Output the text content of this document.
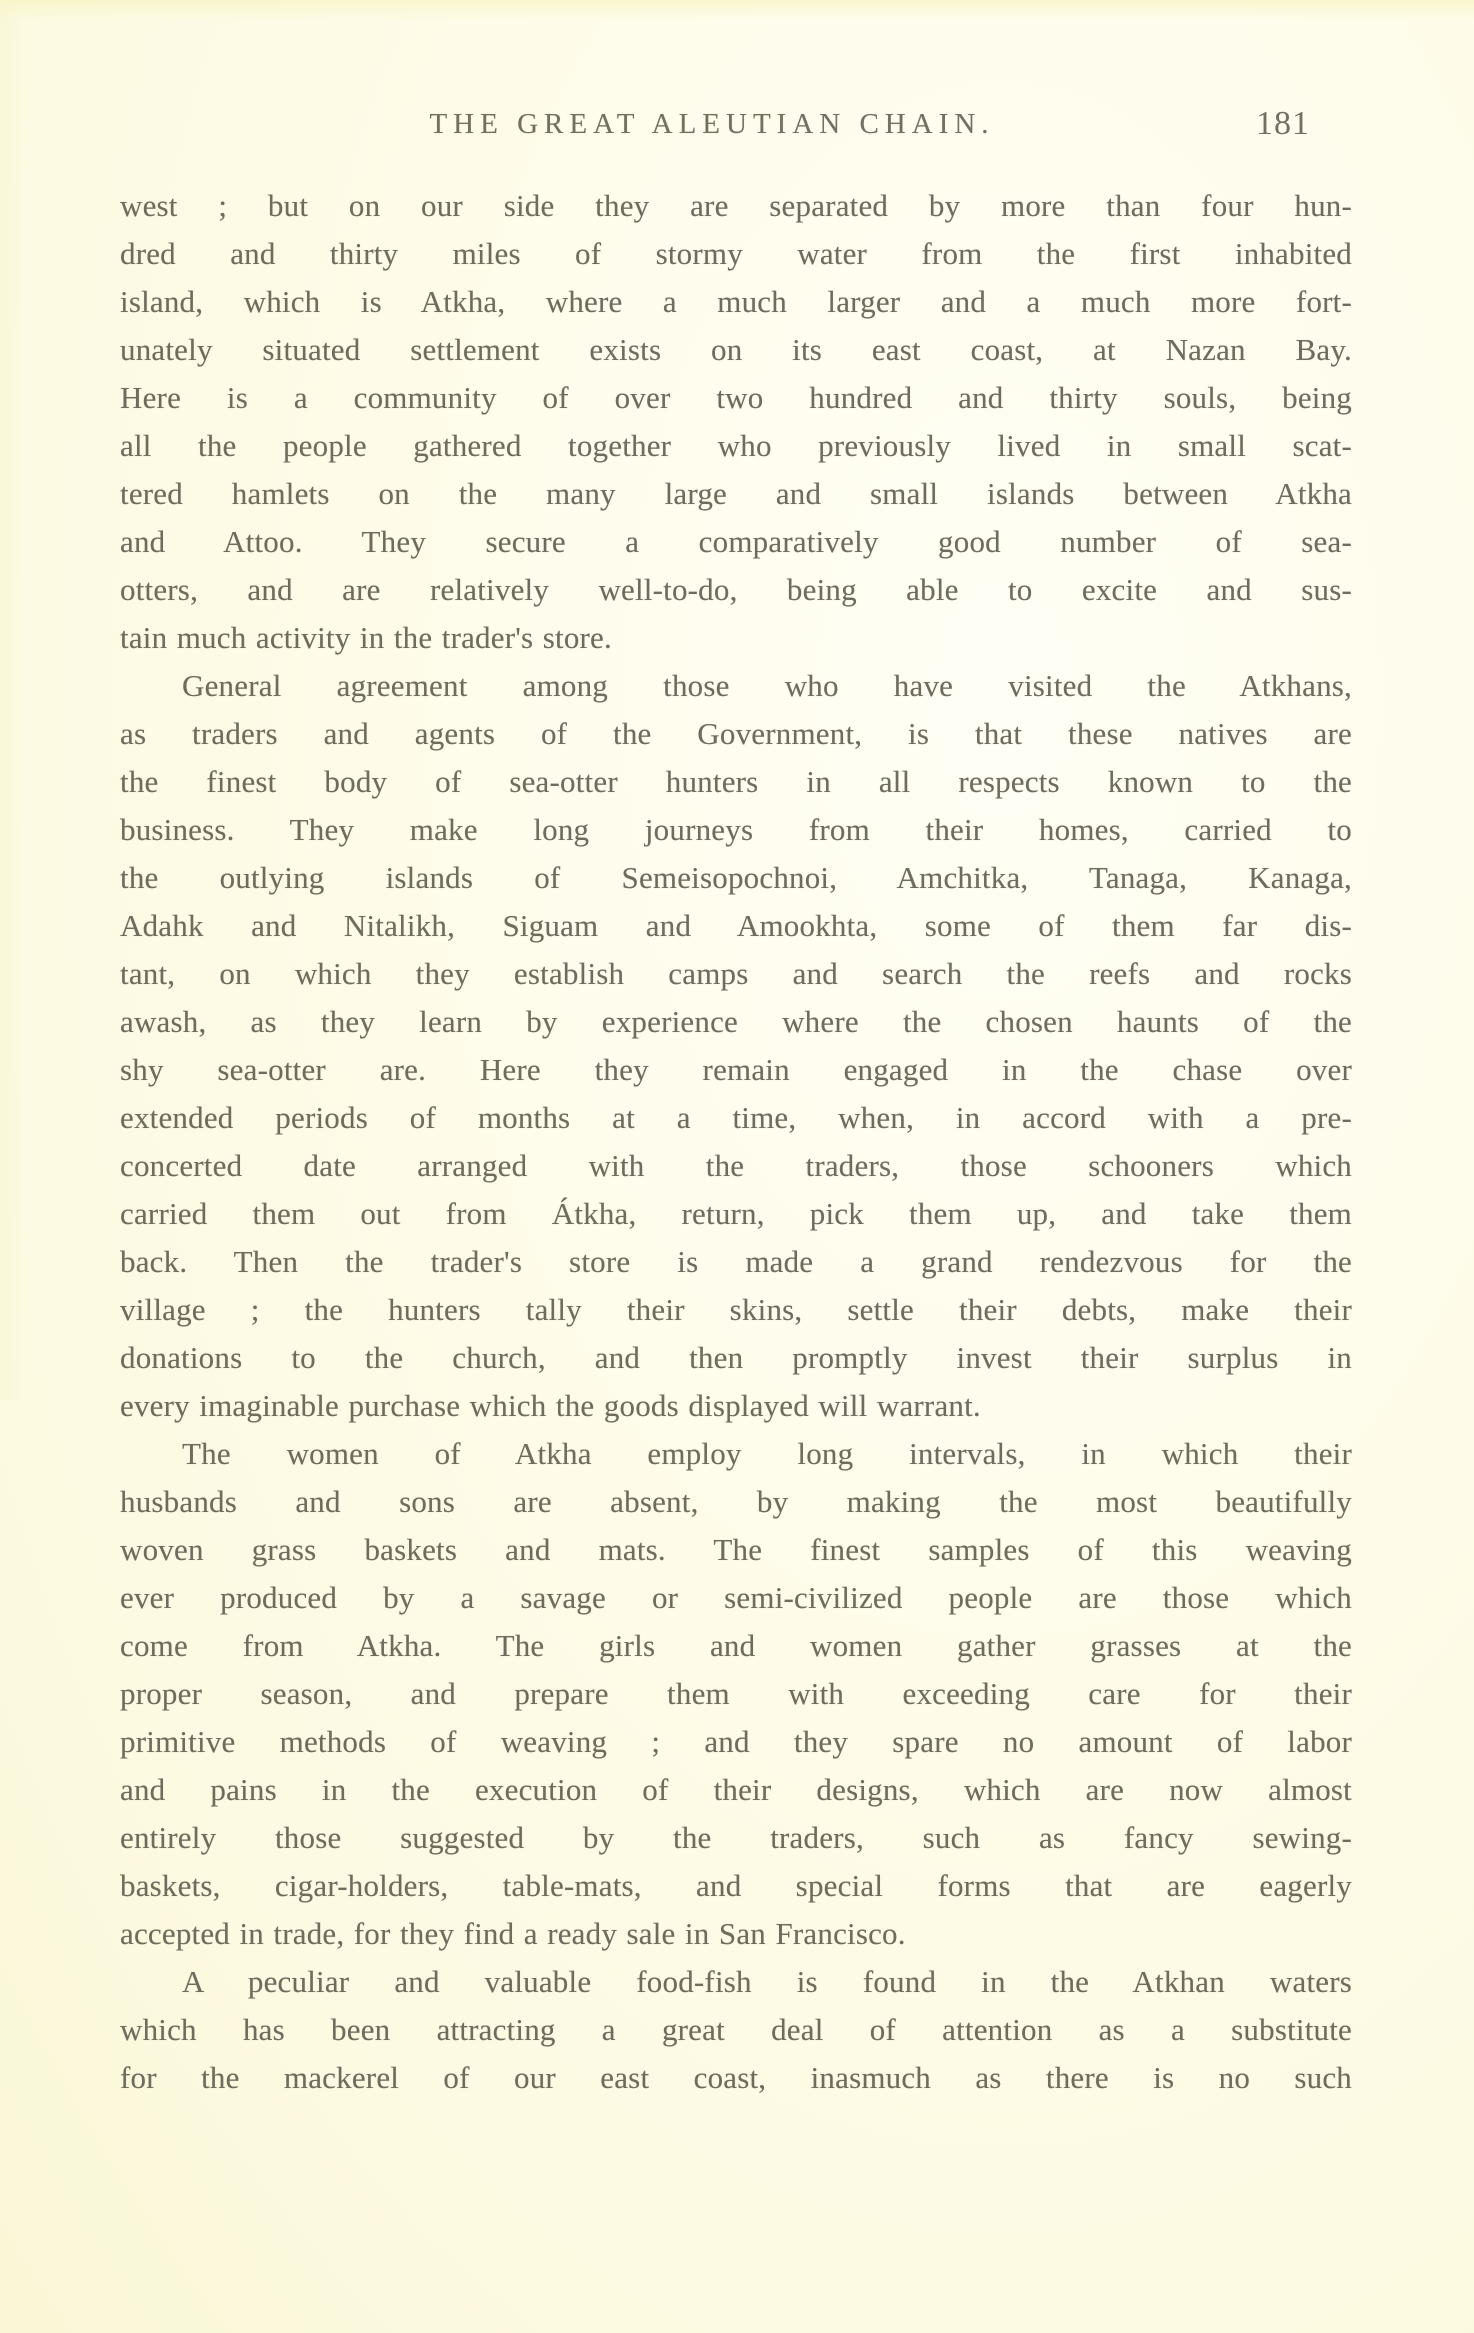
THE GREAT ALEUTIAN CHAIN.	181
west ; but on our side they are separated by more than four hun-
dred and thirty miles of stormy water from the first inhabited
island, which is Atkha, where a much larger and a much more fort-
unately situated settlement exists on its east coast, at Nazan Bay.
Here is a community of over two hundred and thirty souls, being
all the people gathered together who previously lived in small scat-
tered hamlets on the many large and small islands between Atkha
and Attoo. They secure a comparatively good number of sea-
otters, and are relatively well-to-do, being able to excite and sus-
tain much activity in the trader's store.
General agreement among those who have visited the Atkhans,
as traders and agents of the Government, is that these natives are
the finest body of sea-otter hunters in all respects known to the
business. They make long journeys from their homes, carried to
the outlying islands of Semeisopochnoi, Amchitka, Tanaga, Kanaga,
Adahk and Nitalikh, Siguam and Amookhta, some of them far dis-
tant, on which they establish camps and search the reefs and rocks
awash, as they learn by experience where the chosen haunts of the
shy sea-otter are. Here they remain engaged in the chase over
extended periods of months at a time, when, in accord with a pre-
concerted date arranged with the traders, those schooners which
carried them out from Átkha, return, pick them up, and take them
back. Then the trader's store is made a grand rendezvous for the
village ; the hunters tally their skins, settle their debts, make their
donations to the church, and then promptly invest their surplus in
every imaginable purchase which the goods displayed will warrant.
The women of Atkha employ long intervals, in which their
husbands and sons are absent, by making the most beautifully
woven grass baskets and mats. The finest samples of this weaving
ever produced by a savage or semi-civilized people are those which
come from Atkha. The girls and women gather grasses at the
proper season, and prepare them with exceeding care for their
primitive methods of weaving ; and they spare no amount of labor
and pains in the execution of their designs, which are now almost
entirely those suggested by the traders, such as fancy sewing-
baskets, cigar-holders, table-mats, and special forms that are eagerly
accepted in trade, for they find a ready sale in San Francisco.
A peculiar and valuable food-fish is found in the Atkhan waters
which has been attracting a great deal of attention as a substitute
for the mackerel of our east coast, inasmuch as there is no such
